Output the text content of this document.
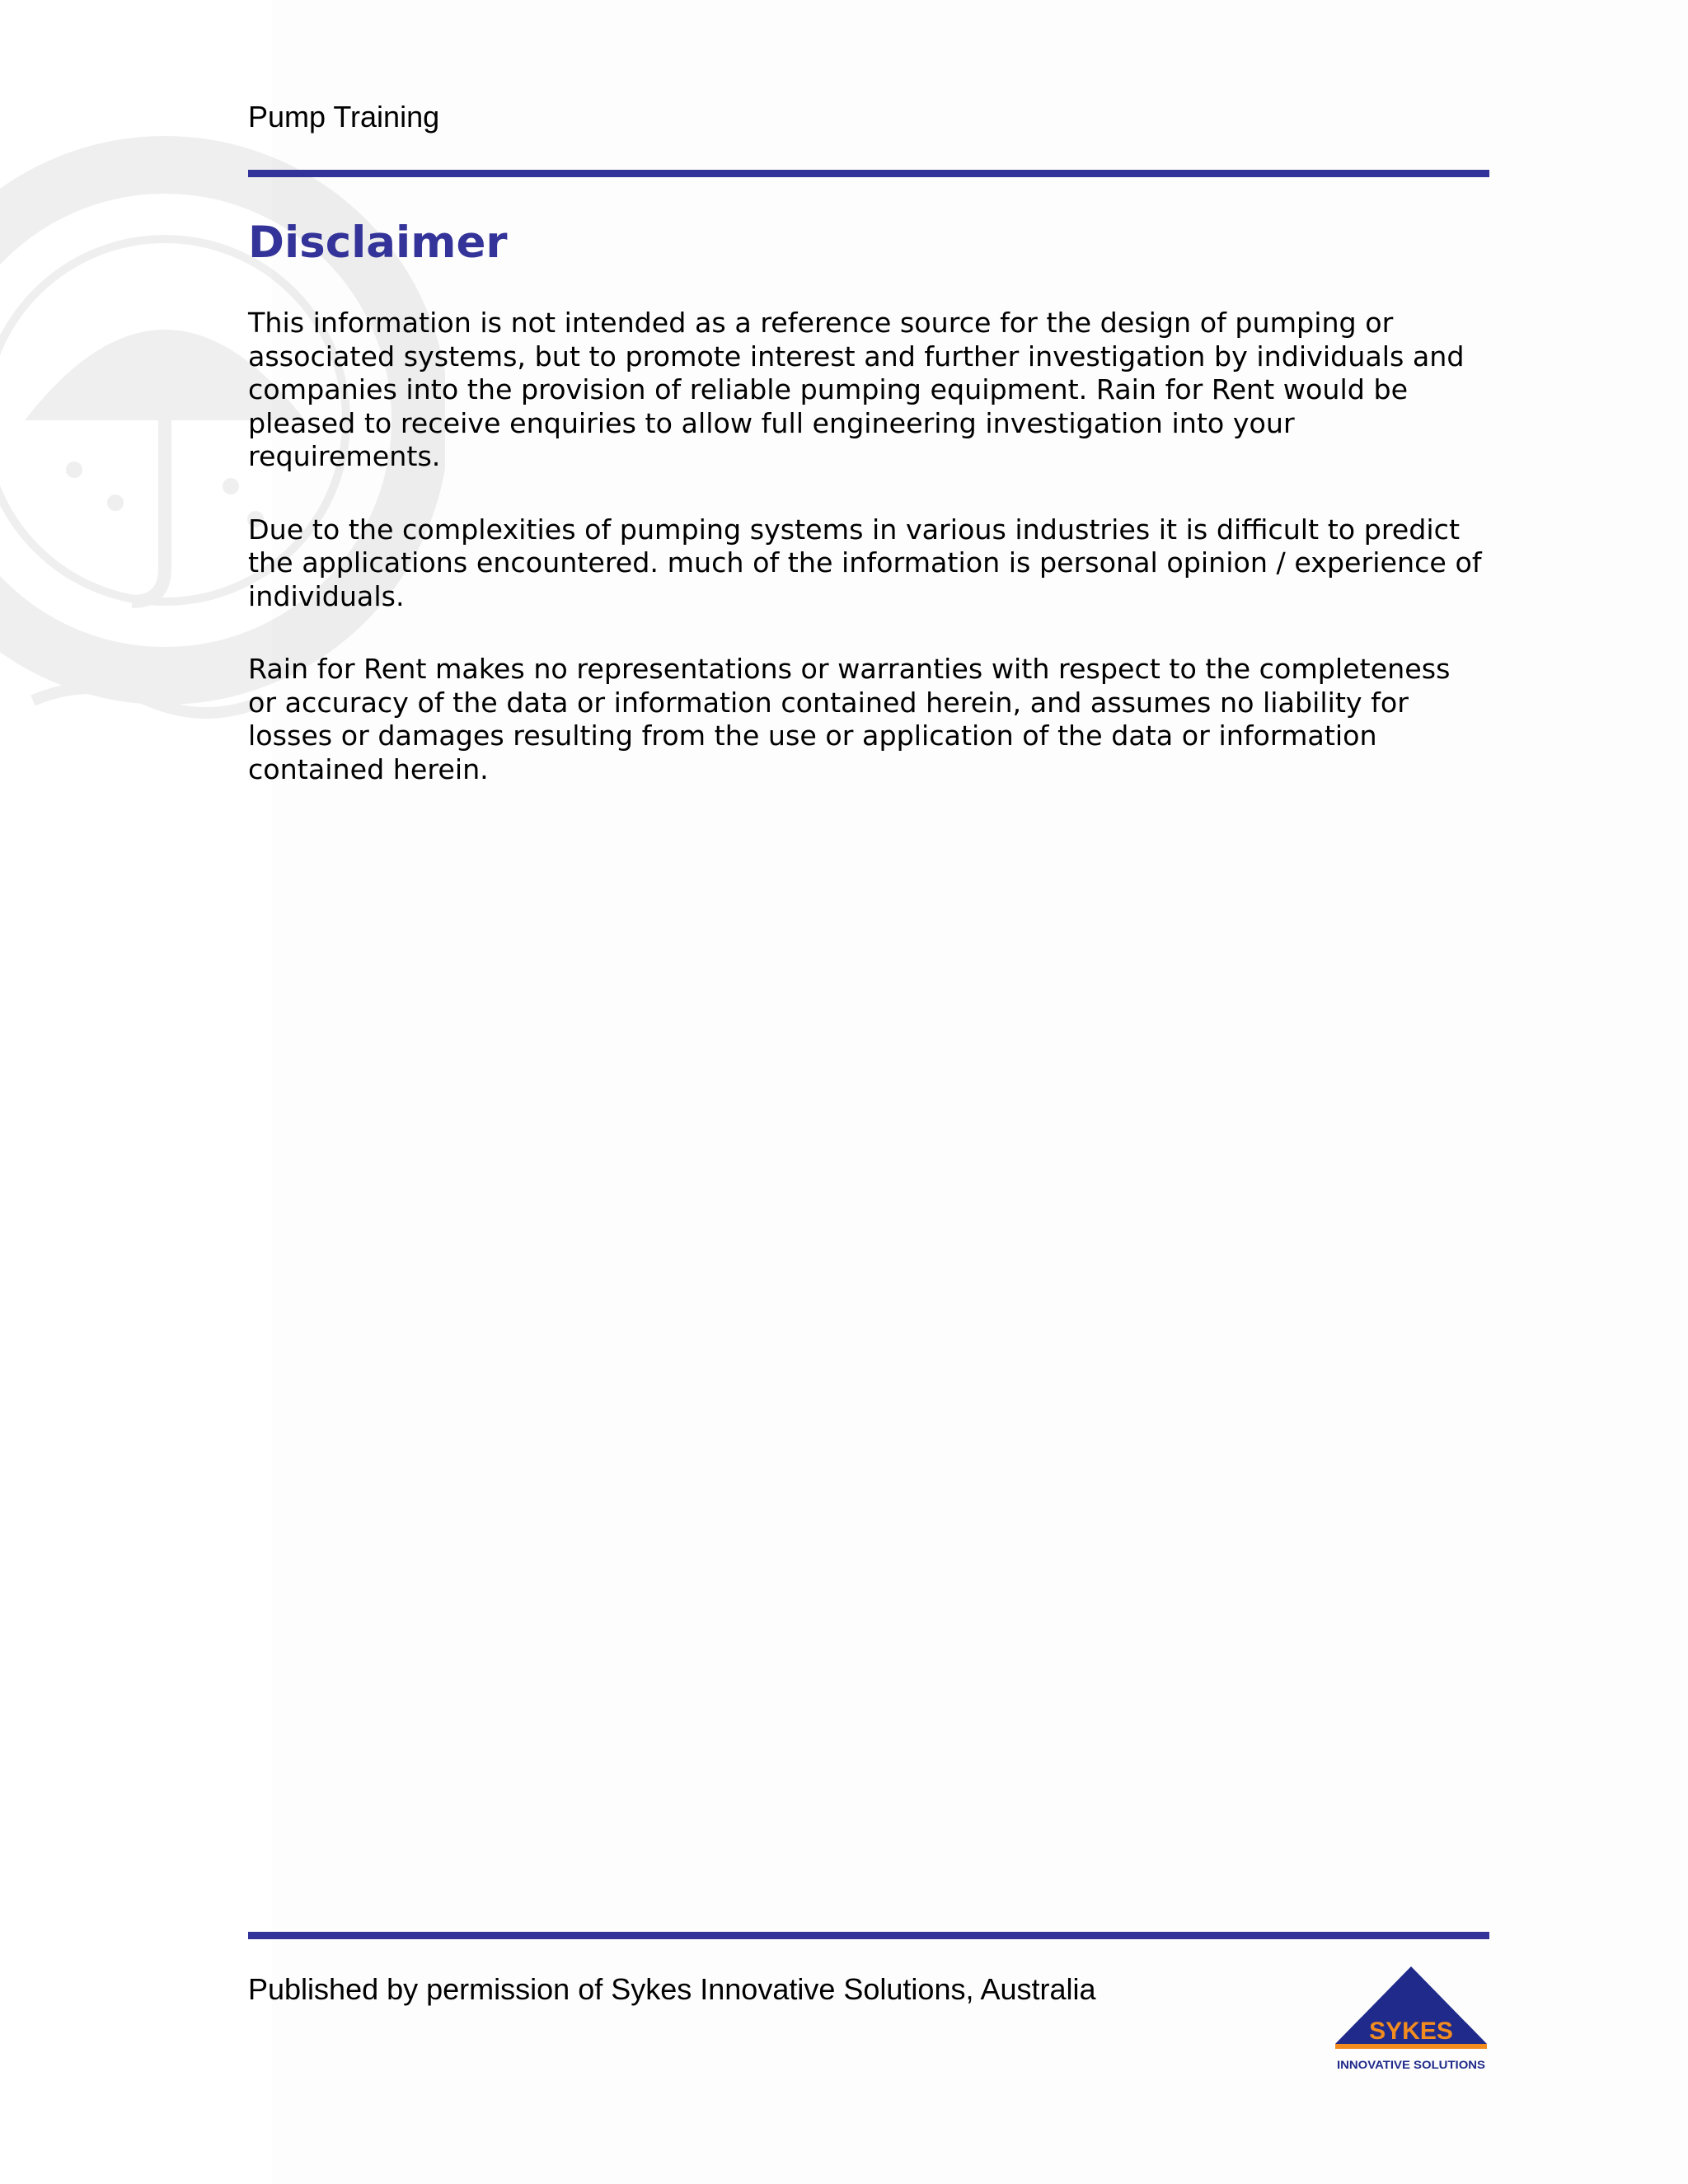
Pump Training

Disclaimer

This information is not intended as a reference source for the design of pumping or associated systems, but to promote interest and further investigation by individuals and companies into the provision of reliable pumping equipment. Rain for Rent would be pleased to receive enquiries to allow full engineering investigation into your requirements.

Due to the complexities of pumping systems in various industries it is difficult to predict the applications encountered. much of the information is personal opinion / experience of individuals.

Rain for Rent makes no representations or warranties with respect to the completeness or accuracy of the data or information contained herein, and assumes no liability for losses or damages resulting from the use or application of the data or information contained herein.

Published by permission of Sykes Innovative Solutions, Australia

SYKES
INNOVATIVE SOLUTIONS
